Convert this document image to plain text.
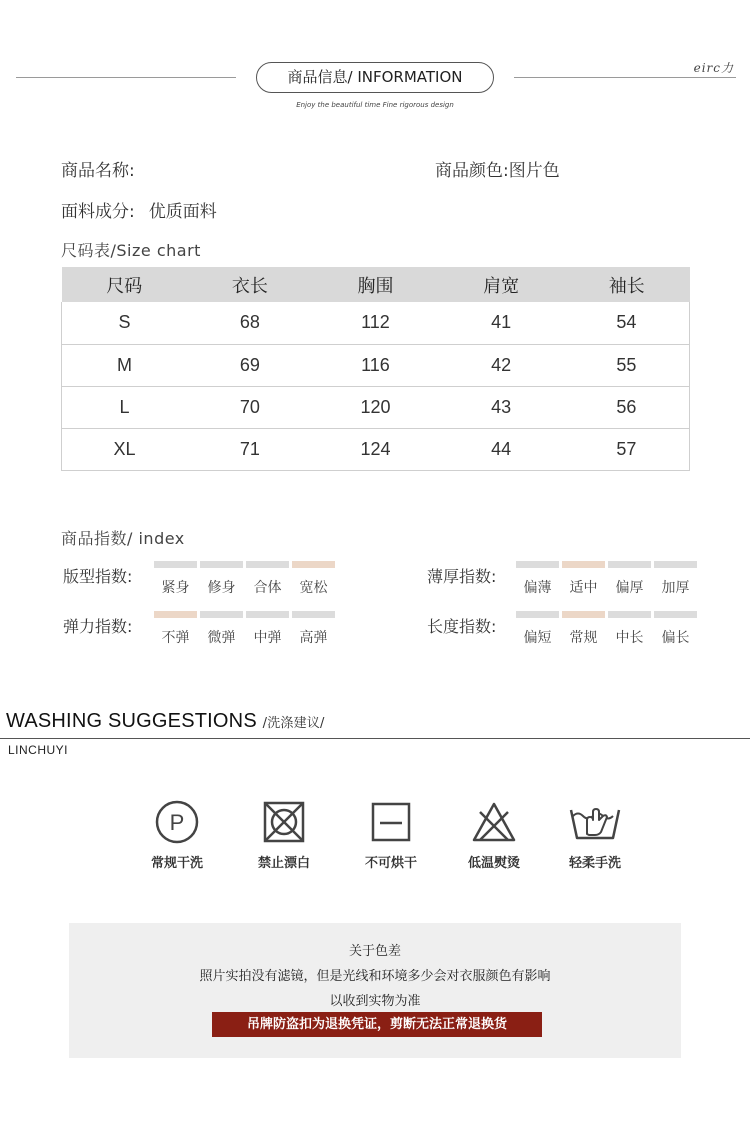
商品信息/ INFORMATION
Enjoy the beautiful time Fine rigorous design
eirc力
商品名称:	商品颜色:图片色
面料成分: 优质面料
尺码表/Size chart
尺码	衣长	胸围	肩宽	袖长
S	68	112	41	54
M	69	116	42	55
L	70	120	43	56
XL	71	124	44	57
商品指数/ index
版型指数:
紧身	修身	合体	宽松
薄厚指数:
偏薄	适中	偏厚	加厚
弹力指数:
不弹	微弹	中弹	高弹
长度指数:
偏短	常规	中长	偏长
WASHING SUGGESTIONS /洗涤建议/
LINCHUYI
P
常规干洗	禁止漂白	不可烘干	低温熨烫	轻柔手洗
关于色差
照片实拍没有滤镜，但是光线和环境多少会对衣服颜色有影响
以收到实物为准
吊牌防盗扣为退换凭证，剪断无法正常退换货
